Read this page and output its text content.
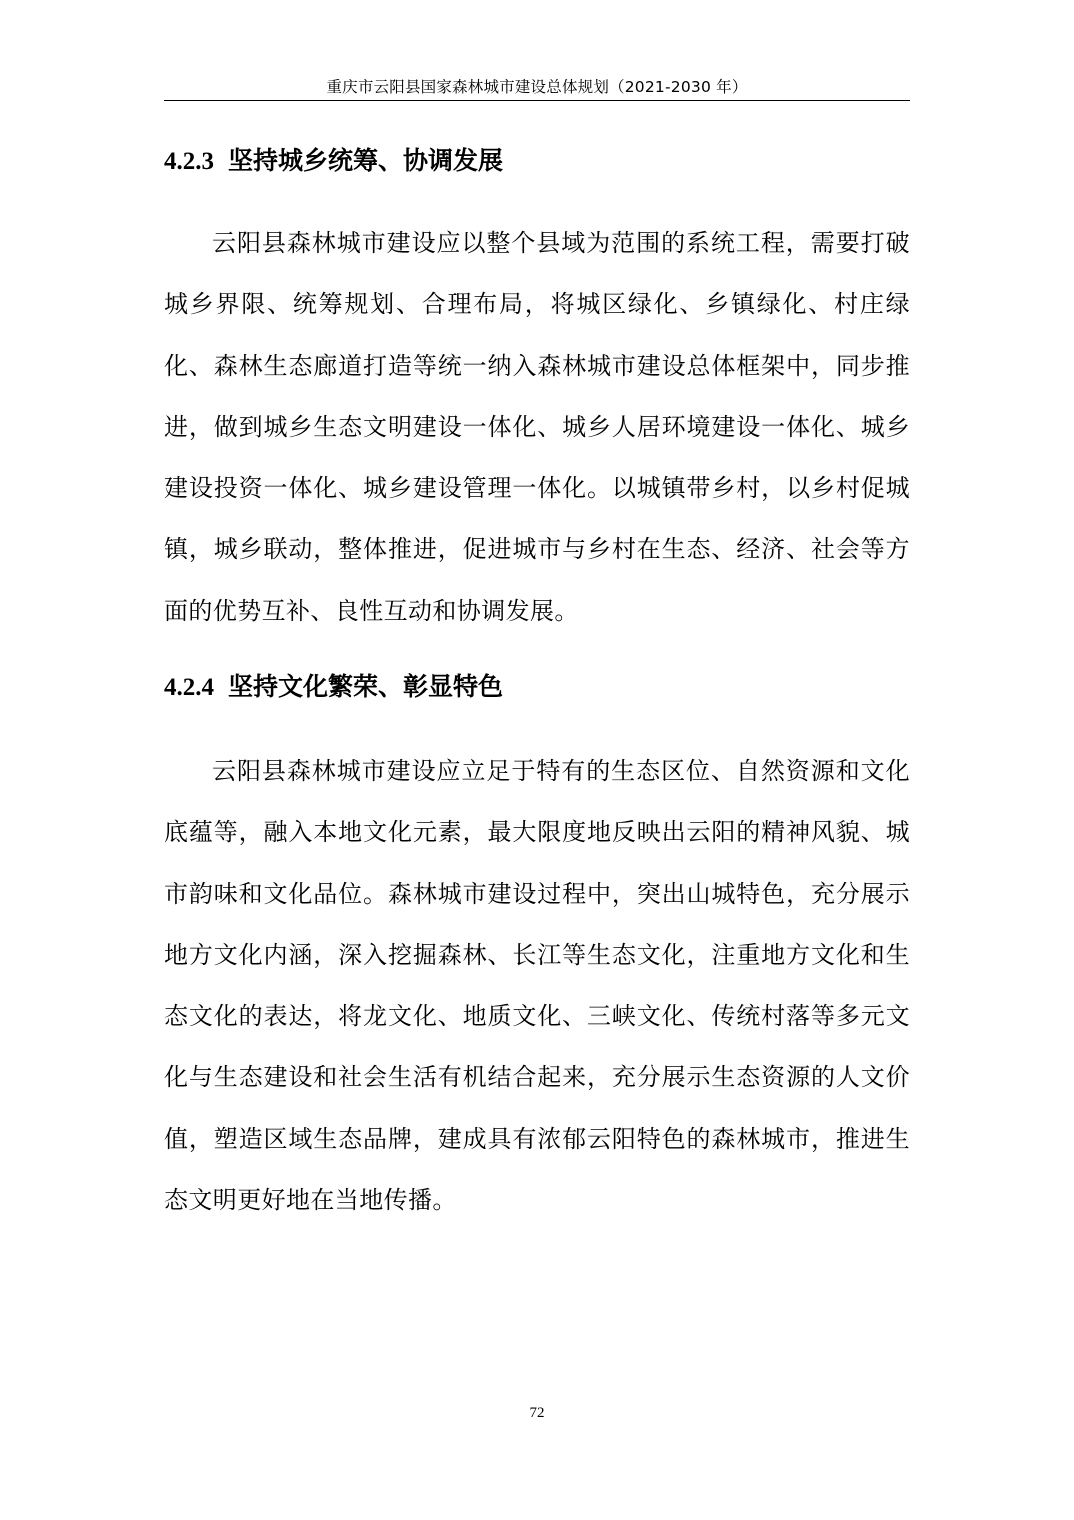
重庆市云阳县国家森林城市建设总体规划（2021-2030 年）
4.2.3 坚持城乡统筹、协调发展

云阳县森林城市建设应以整个县域为范围的系统工程，需要打破城乡界限、统筹规划、合理布局，将城区绿化、乡镇绿化、村庄绿化、森林生态廊道打造等统一纳入森林城市建设总体框架中，同步推进，做到城乡生态文明建设一体化、城乡人居环境建设一体化、城乡建设投资一体化、城乡建设管理一体化。以城镇带乡村，以乡村促城镇，城乡联动，整体推进，促进城市与乡村在生态、经济、社会等方面的优势互补、良性互动和协调发展。

4.2.4 坚持文化繁荣、彰显特色

云阳县森林城市建设应立足于特有的生态区位、自然资源和文化底蕴等，融入本地文化元素，最大限度地反映出云阳的精神风貌、城市韵味和文化品位。森林城市建设过程中，突出山城特色，充分展示地方文化内涵，深入挖掘森林、长江等生态文化，注重地方文化和生态文化的表达，将龙文化、地质文化、三峡文化、传统村落等多元文化与生态建设和社会生活有机结合起来，充分展示生态资源的人文价值，塑造区域生态品牌，建成具有浓郁云阳特色的森林城市，推进生态文明更好地在当地传播。

72
